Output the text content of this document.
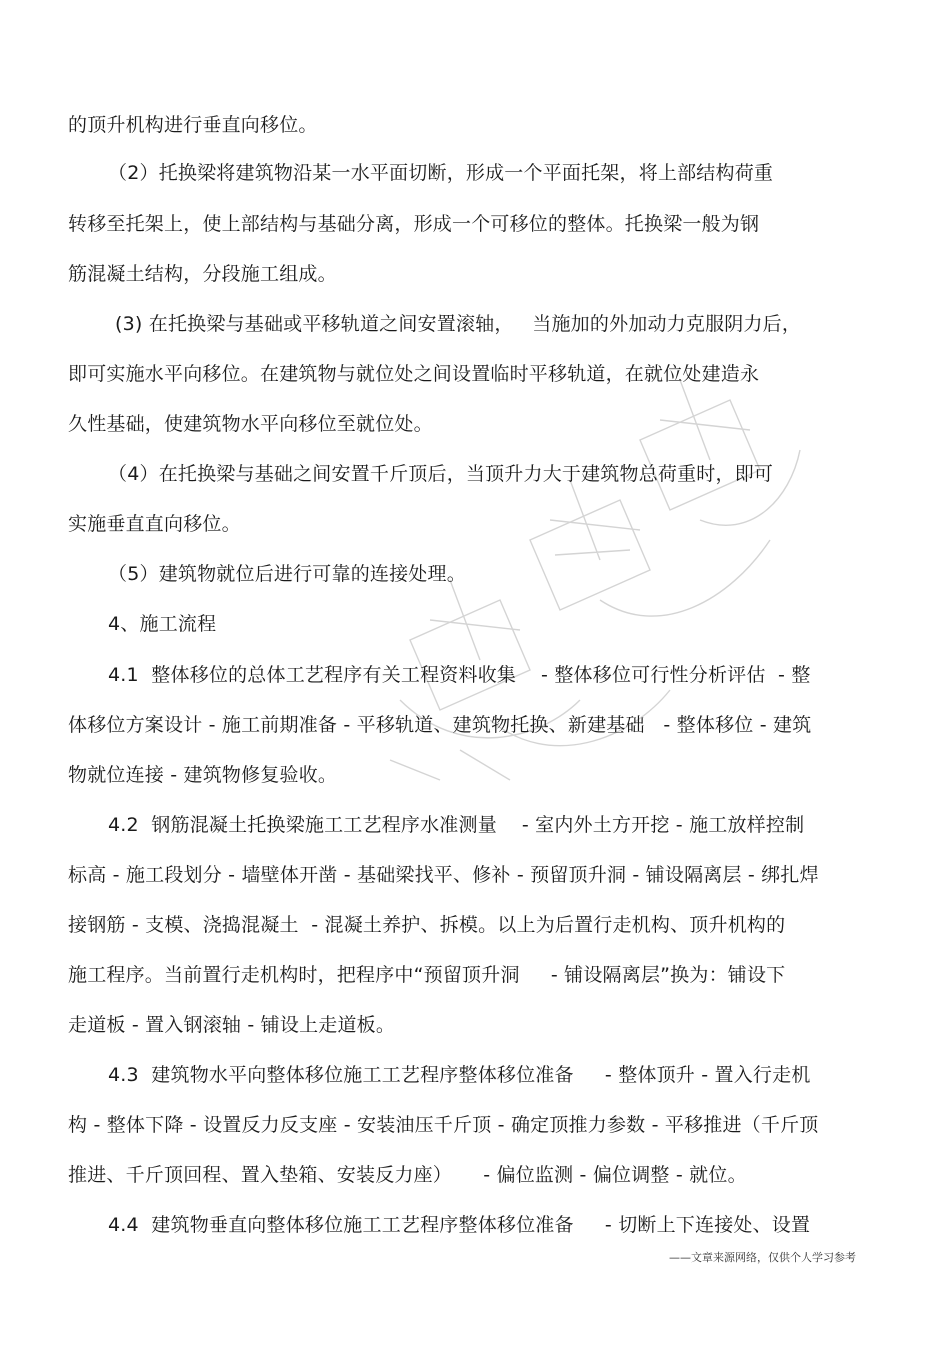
的顶升机构进行垂直向移位。
（2）托换梁将建筑物沿某一水平面切断，形成一个平面托架，将上部结构荷重
转移至托架上，使上部结构与基础分离，形成一个可移位的整体。托换梁一般为钢
筋混凝土结构，分段施工组成。
(3) 在托换梁与基础或平移轨道之间安置滚轴，   当施加的外加动力克服阴力后，
即可实施水平向移位。在建筑物与就位处之间设置临时平移轨道，在就位处建造永
久性基础，使建筑物水平向移位至就位处。
（4）在托换梁与基础之间安置千斤顶后，当顶升力大于建筑物总荷重时，即可
实施垂直直向移位。
（5）建筑物就位后进行可靠的连接处理。
4、施工流程
4.1  整体移位的总体工艺程序有关工程资料收集    - 整体移位可行性分析评估  - 整
体移位方案设计 - 施工前期准备 - 平移轨道、建筑物托换、新建基础   - 整体移位 - 建筑
物就位连接 - 建筑物修复验收。
4.2  钢筋混凝土托换梁施工工艺程序水准测量    - 室内外土方开挖 - 施工放样控制
标高 - 施工段划分 - 墙壁体开凿 - 基础梁找平、修补 - 预留顶升洞 - 铺设隔离层 - 绑扎焊
接钢筋 - 支模、浇捣混凝土  - 混凝土养护、拆模。以上为后置行走机构、顶升机构的
施工程序。当前置行走机构时，把程序中“预留顶升洞     - 铺设隔离层”换为：铺设下
走道板 - 置入钢滚轴 - 铺设上走道板。
4.3  建筑物水平向整体移位施工工艺程序整体移位准备     - 整体顶升 - 置入行走机
构 - 整体下降 - 设置反力反支座 - 安装油压千斤顶 - 确定顶推力参数 - 平移推进（千斤顶
推进、千斤顶回程、置入垫箱、安装反力座）     - 偏位监测 - 偏位调整 - 就位。
4.4  建筑物垂直向整体移位施工工艺程序整体移位准备     - 切断上下连接处、设置
——文章来源网络，仅供个人学习参考
